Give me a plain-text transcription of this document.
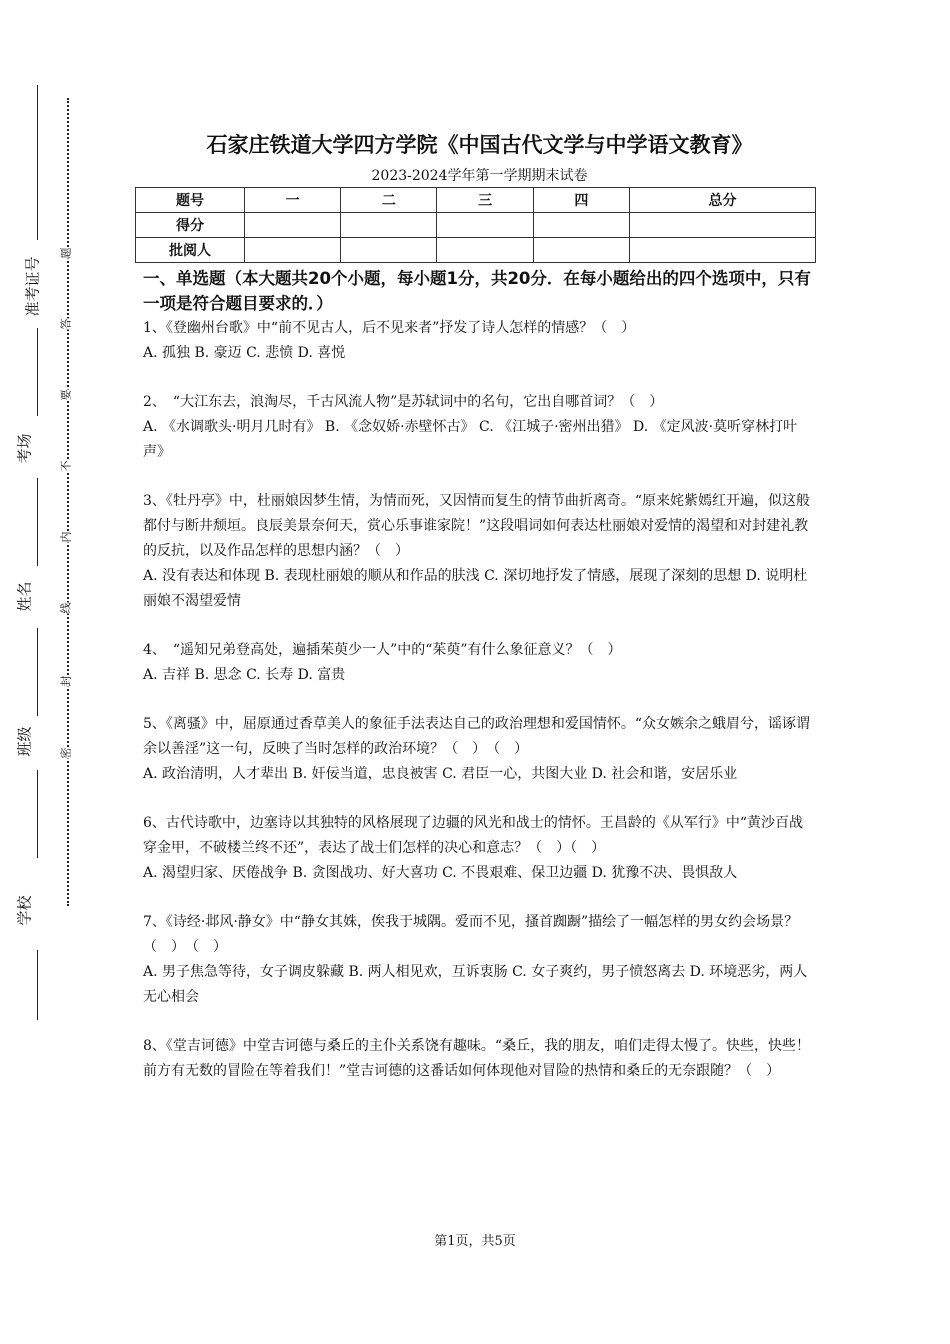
准考证号
考场
姓名
班级
学校
题
答
要
不
内
线
封
密
石家庄铁道大学四方学院《中国古代文学与中学语文教育》
2023-2024学年第一学期期末试卷
题号	一	二	三	四	总分
得分					
批阅人					
一、单选题（本大题共20个小题，每小题1分，共20分．在每小题给出的四个选项中，只有一项是符合题目要求的．）

1、《登幽州台歌》中“前不见古人，后不见来者”抒发了诗人怎样的情感？（　）

A. 孤独 B. 豪迈 C. 悲愤 D. 喜悦

2、　“大江东去，浪淘尽，千古风流人物”是苏轼词中的名句，它出自哪首词？（　）

A. 《水调歌头·明月几时有》 B. 《念奴娇·赤壁怀古》 C. 《江城子·密州出猎》 D. 《定风波·莫听穿林打叶声》

3、《牡丹亭》中，杜丽娘因梦生情，为情而死，又因情而复生的情节曲折离奇。“原来姹紫嫣红开遍，似这般都付与断井颓垣。良辰美景奈何天，赏心乐事谁家院！”这段唱词如何表达杜丽娘对爱情的渴望和对封建礼教的反抗，以及作品怎样的思想内涵？（　）

A. 没有表达和体现 B. 表现杜丽娘的顺从和作品的肤浅 C. 深切地抒发了情感，展现了深刻的思想 D. 说明杜丽娘不渴望爱情

4、　“遥知兄弟登高处，遍插茱萸少一人”中的“茱萸”有什么象征意义？（　）

A. 吉祥 B. 思念 C. 长寿 D. 富贵

5、《离骚》中，屈原通过香草美人的象征手法表达自己的政治理想和爱国情怀。“众女嫉余之蛾眉兮，谣诼谓余以善淫”这一句，反映了当时怎样的政治环境？（　）　（　）

A. 政治清明，人才辈出 B. 奸佞当道，忠良被害 C. 君臣一心，共图大业 D. 社会和谐，安居乐业

6、古代诗歌中，边塞诗以其独特的风格展现了边疆的风光和战士的情怀。王昌龄的《从军行》中“黄沙百战穿金甲，不破楼兰终不还”，表达了战士们怎样的决心和意志？（　）（　）

A. 渴望归家、厌倦战争 B. 贪图战功、好大喜功 C. 不畏艰难、保卫边疆 D. 犹豫不决、畏惧敌人

7、《诗经·邶风·静女》中“静女其姝，俟我于城隅。爱而不见，搔首踟蹰”描绘了一幅怎样的男女约会场景？（　）　（　）

A. 男子焦急等待，女子调皮躲藏 B. 两人相见欢，互诉衷肠 C. 女子爽约，男子愤怒离去 D. 环境恶劣，两人无心相会

8、《堂吉诃德》中堂吉诃德与桑丘的主仆关系饶有趣味。“桑丘，我的朋友，咱们走得太慢了。快些，快些！前方有无数的冒险在等着我们！”堂吉诃德的这番话如何体现他对冒险的热情和桑丘的无奈跟随？（　）

第1页，共5页
